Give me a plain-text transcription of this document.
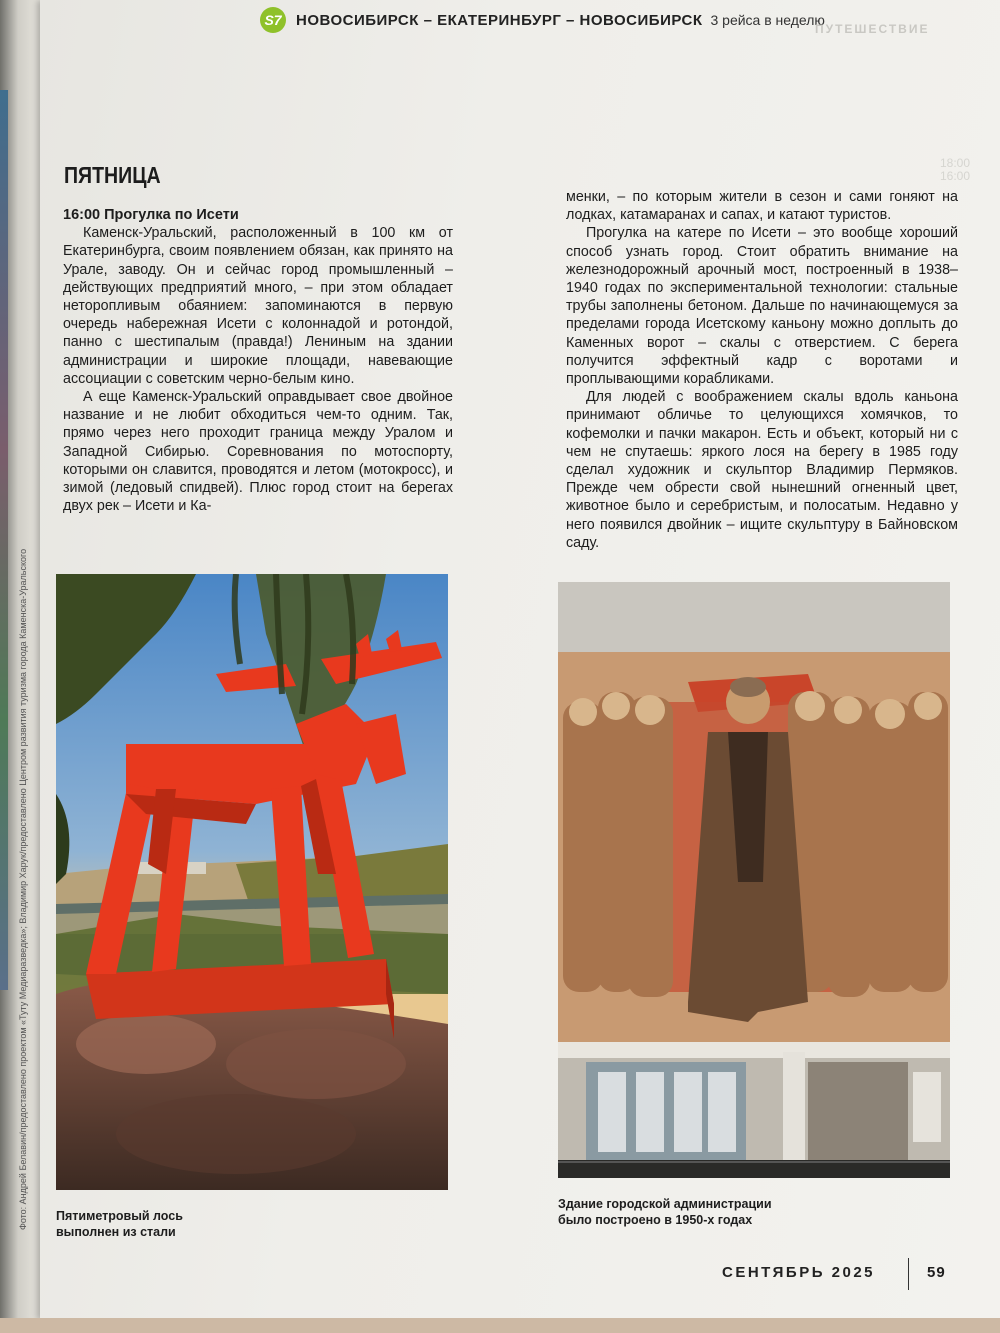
18:00
16:00
S7 НОВОСИБИРСК – ЕКАТЕРИНБУРГ – НОВОСИБИРСК 3 рейса в неделю
ПУТЕШЕСТВИЕ
ПЯТНИЦА

16:00 Прогулка по Исети

Каменск-Уральский, расположенный в 100 км от Екатеринбурга, своим появлением обязан, как принято на Урале, заводу. Он и сейчас город промышленный – действующих предприятий много, – при этом обладает неторопливым обаянием: запоминаются в первую очередь набережная Исети с колоннадой и ротондой, панно с шестипалым (правда!) Лениным на здании администрации и широкие площади, навевающие ассоциации с советским черно-белым кино.

А еще Каменск-Уральский оправдывает свое двойное название и не любит обходиться чем-то одним. Так, прямо через него проходит граница между Уралом и Западной Сибирью. Соревнования по мотоспорту, которыми он славится, проводятся и летом (мотокросс), и зимой (ледовый спидвей). Плюс город стоит на берегах двух рек – Исети и Ка-

менки, – по которым жители в сезон и сами гоняют на лодках, катамаранах и сапах, и катают туристов.

Прогулка на катере по Исети – это вообще хороший способ узнать город. Стоит обратить внимание на железнодорожный арочный мост, построенный в 1938–1940 годах по экспериментальной технологии: стальные трубы заполнены бетоном. Дальше по начинающемуся за пределами города Исетскому каньону можно доплыть до Каменных ворот – скалы с отверстием. С берега получится эффектный кадр с воротами и проплывающими корабликами.

Для людей с воображением скалы вдоль каньона принимают обличье то целующихся хомячков, то кофемолки и пачки макарон. Есть и объект, который ни с чем не спутаешь: яркого лося на берегу в 1985 году сделал художник и скульптор Владимир Пермяков. Прежде чем обрести свой нынешний огненный цвет, животное было и серебристым, и полосатым. Недавно у него появился двойник – ищите скульптуру в Байновском саду.

Пятиметровый лось
выполнен из стали
Здание городской администрации
было построено в 1950-х годах
Фото: Андрей Белавин/предоставлено проектом «Туту Медиаразведка»; Владимир Харук/предоставлено Центром развития туризма города Каменска-Уральского
СЕНТЯБРЬ 2025	59
